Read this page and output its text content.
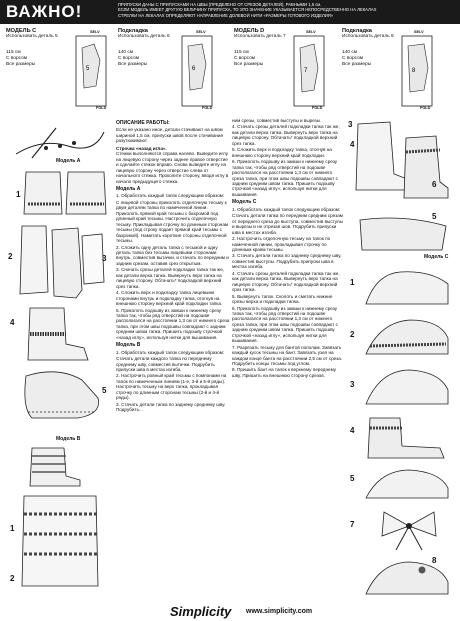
ВАЖНО!	ПРИПУСКИ ДАНЫ С ПРИПУСКАМИ НА ШВЫ (ПРЕДЕЛЕНО ОТ СРЕЗОВ ДЕТАЛЕЙ), РАВНЫМИ 1,5 см.
ЕСЛИ МОДЕЛЬ ИМЕЕТ ДРУГУЮ ВЕЛИЧИНУ ПРИПУСКА, ТО ЭТО ЗНАЧЕНИЕ УКАЗЫВАЕТСЯ НЕПОСРЕДСТВЕННО НА ЛЕКАЛАХ
СТРЕЛКИ НА ЛЕКАЛАХ ОПРЕДЕЛЯЮТ НАПРАВЛЕНИЕ ДОЛЕВОЙ НИТИ «РАЗМЕРЫ ГОТОВОГО ИЗДЕЛИЯ»
МОДЕЛЬ С
Использовать деталь 5
115 см
С ворсом
Все размеры
Подкладка
Использовать деталь 6
140 см
С ворсом
Все размеры
МОДЕЛЬ D
Использовать деталь 7
115 см
С ворсом
Все размеры
Подкладка
Использовать деталь 8
140 см
С ворсом
Все размеры
5	6	7	8
SELV
FOLD
SELV
FOLD
SELV
FOLD
SELV
FOLD
Модель А
1
2	3
4
5
Модель В
1
2
ОПИСАНИЕ РАБОТЫ:

Если не указано иное, детали стачивают на швом шириной 1,5 см, припуски швов после стачивания разутюживают.

Строчка «назад игла».

Стежки выполняются справа налево. Выведите иглу на лицевую сторону через заднее правое отверстие и сделайте стежок вправо. Снова выведите иглу на лицевую сторону через отверстие слева от начального стежка. Проколите сторону, вводя иглу в начало предыдущего стежка.

Модель А

1. Обработать каждый тапок следующим образом:

С лицевой стороны приколоть отделочную тесьму к двум деталям тапка по намеченной линии. Приколоть прямой край тесьмы с бахромой под длинный край тесьмы. Настрочить отделочную тесьму. Прикладывая строчку по длинным сторонам тесьмы (под строку подает прямой край тесьмы с бахромой). Наметать короткие стороны отделочной тесьмы.

2. Сложить одну деталь тапка с тесьмой и одну деталь тапка без тесьмы лицевыми сторонами внутрь, совместив вытачки, и стачать по передним и задним срезам, оставив срез открытым.

3. Сначать срезы деталей подкладки тапка так же, как детали верха тапка. Вывернуть верх тапка на лицевую сторону. Обтачать* подкладкой верхний срез тапка.

4. Сложить верх и подкладку тапка лицевыми сторонами внутрь и подкладку тапка, отогнув на внешнюю сторону верхний край подкладки тапка.

5. Приколоть подошву из замши к нижнему срезу тапка так, чтобы ряд отверстий на подошве располагался на расстоянии 1,3 см от нижнего среза тапка, при этом швы подошвы совпадают с задним средним швом тапка. Пришить подошву строчкой «назад иглу», используя нитки для вышивания.

Модель В

1. Обработать каждый тапок следующим образом:

Стачать детали каждого тапка по переднему среднему шву, совместив вытачки. Подрубить припуски шва в местах изгиба.

2. Настрочить ровный край тесьмы с помпонами на тапок по намеченным линиям (1-е, 3-й и 5-й ряды). Настрочить тесьму на верх тапка, прокладывая строчку по длинным сторонам тесьмы (2-й и 4-й ряды).

3. Стачать детали тапка по заднему среднему шву. Подрубить...

ним срезы, совместив выступы и вырезы.

4. Стачать срезы деталей подкладки тапка так же, как детали верха тапка. Вывернуть верх тапка на лицевую сторону. Обтачать* подкладкой верхний срез тапка.

5. Сложить верх и подкладку тапка, отогнув на внешнюю сторону верхний край подкладки.

6. Приколоть подошву из замши к нижнему срезу тапка так, чтобы ряд отверстий на подошве располагался на расстоянии 1,3 см от нижнего среза тапка, при этом швы подошвы совпадают с задним средним швом тапка. Пришить подошву строчкой «назад иглу», используя нитки для вышивания.

Модель С

1. Обработать каждый тапок следующим образом:

Стачать детали тапка по передним средним срезам от переднего среза до выступа, совместив выступы и вырезы и не отрезая шов. Подрубить припуски шва в местах изгиба.

2. Настрочить отделочную тесьму на тапок по намеченной линии, прокладывая строчку по длинным краям тесьмы.

3. Стачать детали тапка по заднему среднему шву, совместив выступы. Подрубить припуски шва в местах изгиба.

4. Стачать срезы деталей подкладки тапка так же, как детали верха тапка. Вывернуть верх тапка на лицевую сторону. Обтачать* подкладкой верхний срез тапка.

5. Вывернуть тапок. Сколоть и сметать нижние срезы верха и подкладки тапка.

6. Приколоть подошву из замши к нижнему срезу тапка так, чтобы ряд отверстий на подошве располагался на расстоянии 1,3 см от нижнего среза тапка, при этом швы подошвы совпадают с задним средним швом тапка. Пришить подошву строчкой «назад иглу», используя нитки для вышивания.

7. Разрезать тесьму для бантов пополам. Завязать каждый кусок тесьмы на бант. Завязать узел на каждом конце банта на расстоянии 2,5 см от среза. Подрубить концы тесьмы под углом.

8. Пришить бант на тапок к верхнему переднему шву. Пришить на внешнюю сторону срезов.

3
5
4
6
Модель С
1
2
3
4
5
7
8
Simplicity www.simplicity.com
